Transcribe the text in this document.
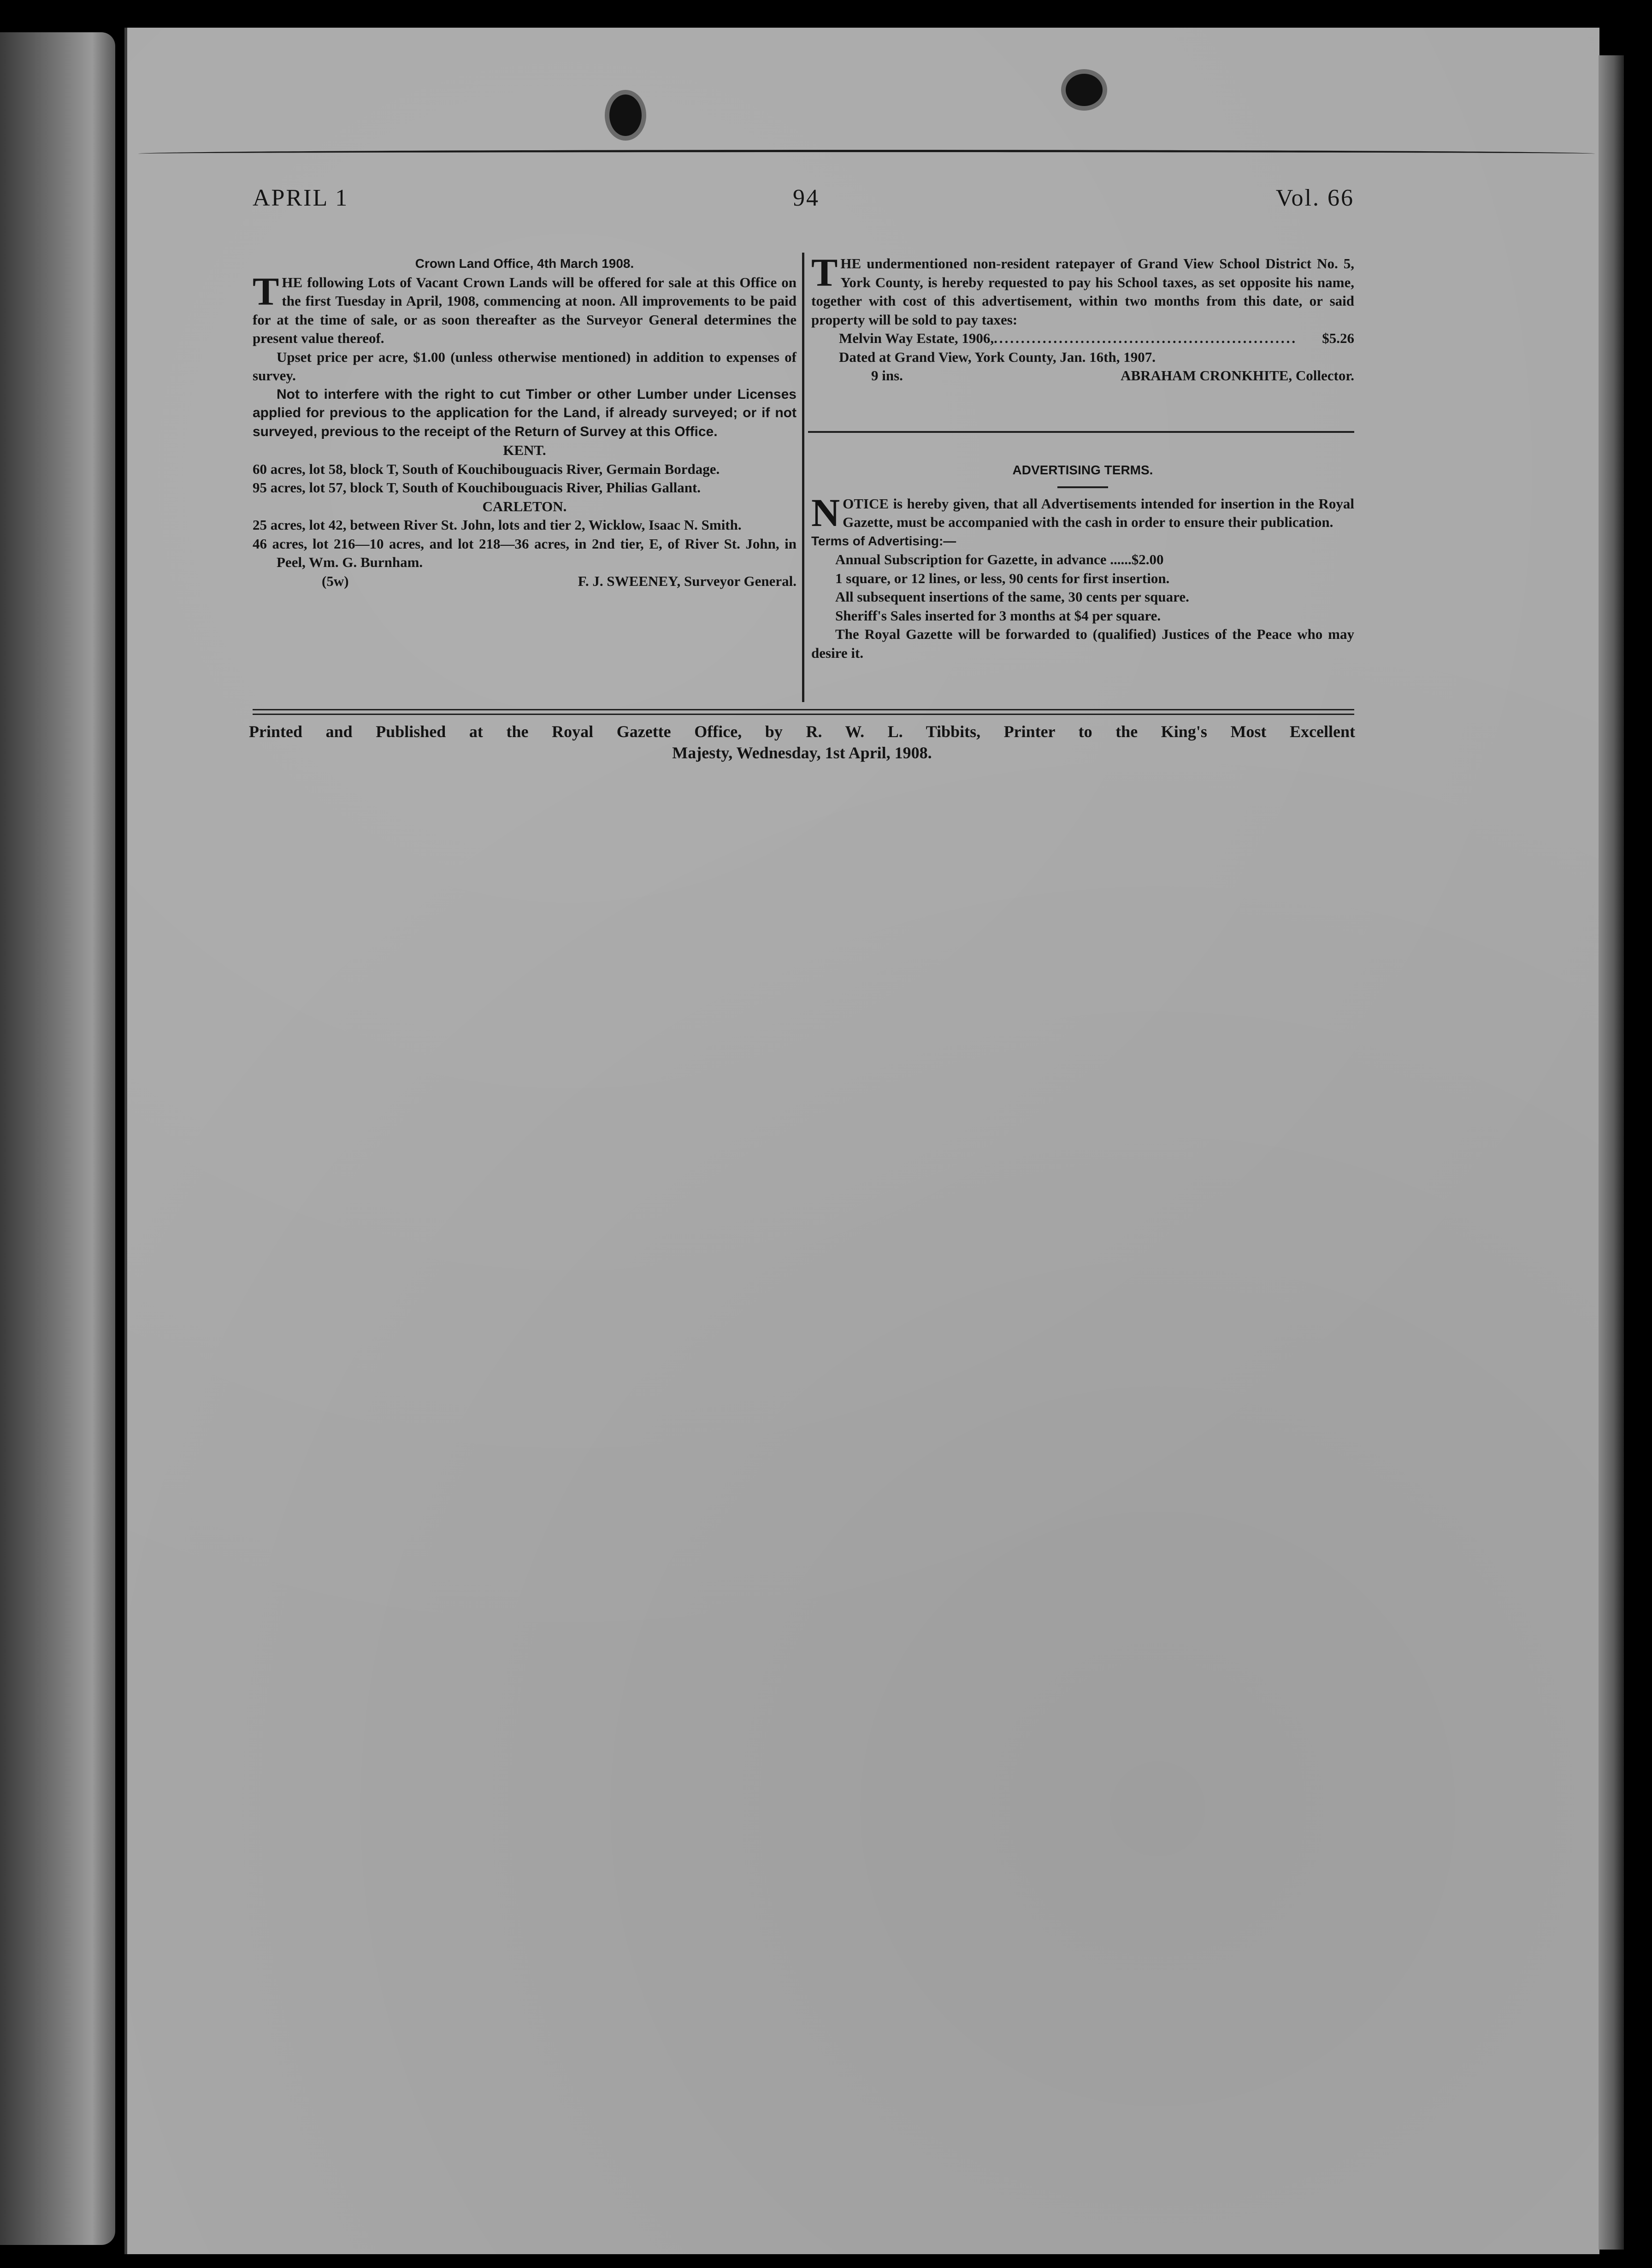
APRIL 1	94	Vol. 66

Crown Land Office, 4th March 1908.

THE following Lots of Vacant Crown Lands will be offered for sale at this Office on the first Tuesday in April, 1908, commencing at noon. All improvements to be paid for at the time of sale, or as soon thereafter as the Surveyor General determines the present value thereof.

Upset price per acre, $1.00 (unless otherwise mentioned) in addition to expenses of survey.

Not to interfere with the right to cut Timber or other Lumber under Licenses applied for previous to the application for the Land, if already surveyed; or if not surveyed, previous to the receipt of the Return of Survey at this Office.

KENT.

60 acres, lot 58, block T, South of Kouchibouguacis River, Germain Bordage.

95 acres, lot 57, block T, South of Kouchibouguacis River, Philias Gallant.

CARLETON.

25 acres, lot 42, between River St. John, lots and tier 2, Wicklow, Isaac N. Smith.

46 acres, lot 216—10 acres, and lot 218—36 acres, in 2nd tier, E, of River St. John, in Peel, Wm. G. Burnham.

(5w)	F. J. SWEENEY, Surveyor General.
THE undermentioned non-resident ratepayer of Grand View School District No. 5, York County, is hereby requested to pay his School taxes, as set opposite his name, together with cost of this advertisement, within two months from this date, or said property will be sold to pay taxes:
Melvin Way Estate, 1906, ........................................................	$5.26

Dated at Grand View, York County, Jan. 16th, 1907.

9 ins.	ABRAHAM CRONKHITE, Collector.

ADVERTISING TERMS.

NOTICE is hereby given, that all Advertisements intended for insertion in the Royal Gazette, must be accompanied with the cash in order to ensure their publication.

Terms of Advertising:—

Annual Subscription for Gazette, in advance ......$2.00

1 square, or 12 lines, or less, 90 cents for first insertion.

All subsequent insertions of the same, 30 cents per square.

Sheriff's Sales inserted for 3 months at $4 per square.

The Royal Gazette will be forwarded to (qualified) Justices of the Peace who may desire it.

Printed and Published at the Royal Gazette Office, by R. W. L. Tibbits, Printer to the King's Most Excellent
Majesty, Wednesday, 1st April, 1908.
